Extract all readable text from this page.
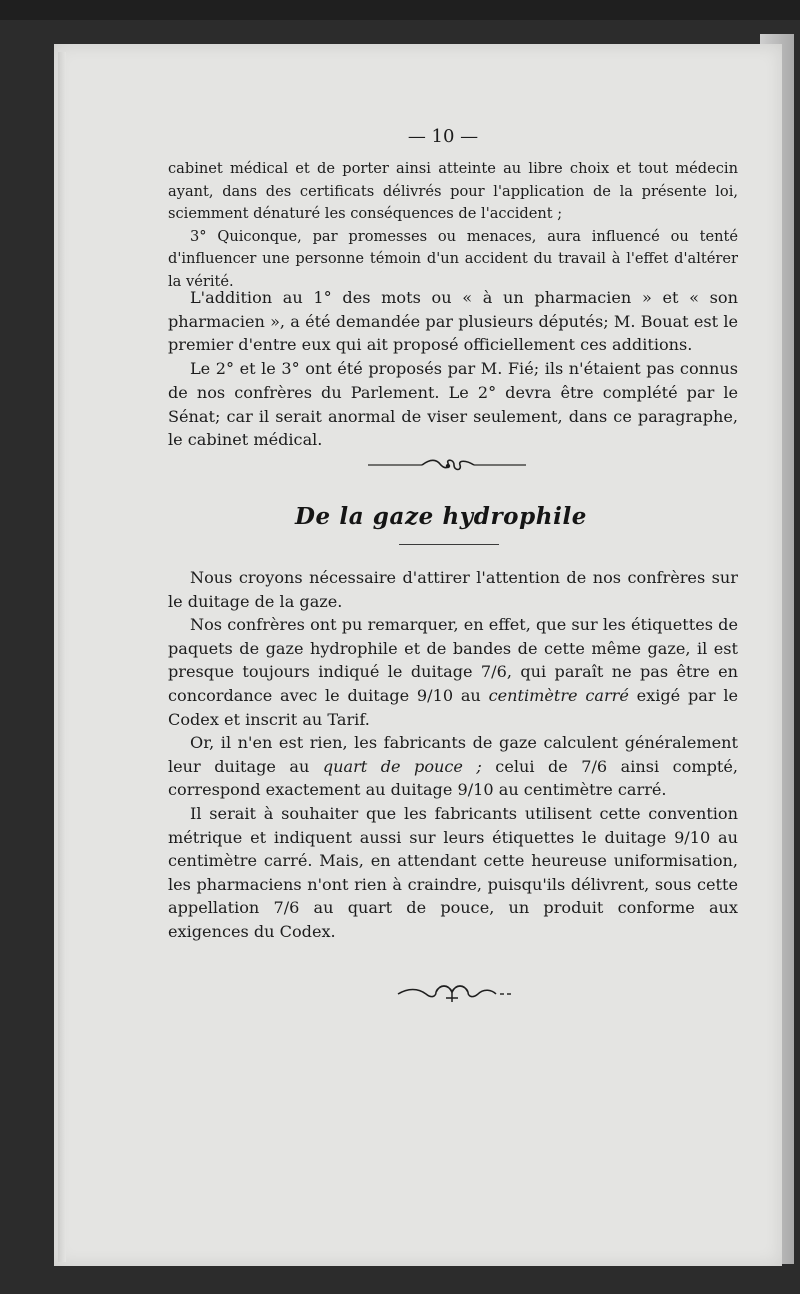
— 10 —

cabinet médical et de porter ainsi atteinte au libre choix et tout médecin ayant, dans des certificats délivrés pour l'application de la présente loi, sciemment dénaturé les conséquences de l'accident ;

3° Quiconque, par promesses ou menaces, aura influencé ou tenté d'influencer une personne témoin d'un accident du travail à l'effet d'altérer la vérité.

L'addition au 1° des mots ou « à un pharmacien » et « son pharmacien », a été demandée par plusieurs députés; M. Bouat est le premier d'entre eux qui ait proposé officiellement ces additions.

Le 2° et le 3° ont été proposés par M. Fié; ils n'étaient pas connus de nos confrères du Parlement. Le 2° devra être complété par le Sénat; car il serait anormal de viser seulement, dans ce paragraphe, le cabinet médical.

De la gaze hydrophile

Nous croyons nécessaire d'attirer l'attention de nos confrères sur le duitage de la gaze.

Nos confrères ont pu remarquer, en effet, que sur les étiquettes de paquets de gaze hydrophile et de bandes de cette même gaze, il est presque toujours indiqué le duitage 7/6, qui paraît ne pas être en concordance avec le duitage 9/10 au centimètre carré exigé par le Codex et inscrit au Tarif.

Or, il n'en est rien, les fabricants de gaze calculent généralement leur duitage au quart de pouce ; celui de 7/6 ainsi compté, correspond exactement au duitage 9/10 au centimètre carré.

Il serait à souhaiter que les fabricants utilisent cette convention métrique et indiquent aussi sur leurs étiquettes le duitage 9/10 au centimètre carré. Mais, en attendant cette heureuse uniformisation, les pharmaciens n'ont rien à craindre, puisqu'ils délivrent, sous cette appellation 7/6 au quart de pouce, un produit conforme aux exigences du Codex.
